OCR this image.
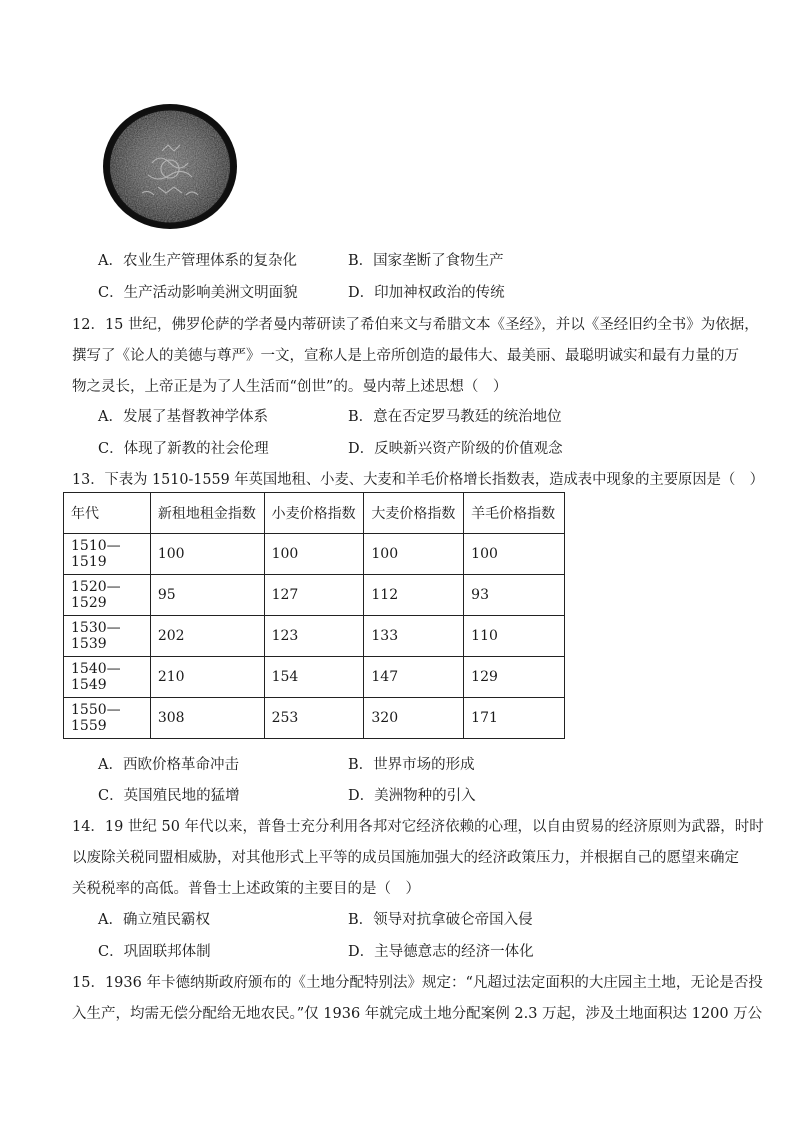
A．农业生产管理体系的复杂化	B．国家垄断了食物生产
C．生产活动影响美洲文明面貌	D．印加神权政治的传统
12．15 世纪，佛罗伦萨的学者曼内蒂研读了希伯来文与希腊文本《圣经》，并以《圣经旧约全书》为依据，
撰写了《论人的美德与尊严》一文，宣称人是上帝所创造的最伟大、最美丽、最聪明诚实和最有力量的万
物之灵长，上帝正是为了人生活而“创世”的。曼内蒂上述思想（　）
A．发展了基督教神学体系	B．意在否定罗马教廷的统治地位
C．体现了新教的社会伦理	D．反映新兴资产阶级的价值观念
13．下表为 1510-1559 年英国地租、小麦、大麦和羊毛价格增长指数表，造成表中现象的主要原因是（　）
年代	新租地租金指数	小麦价格指数	大麦价格指数	羊毛价格指数
1510—1519	100	100	100	100
1520—1529	95	127	112	93
1530—1539	202	123	133	110
1540—1549	210	154	147	129
1550—1559	308	253	320	171
A．西欧价格革命冲击	B．世界市场的形成
C．英国殖民地的猛增	D．美洲物种的引入
14．19 世纪 50 年代以来，普鲁士充分利用各邦对它经济依赖的心理，以自由贸易的经济原则为武器，时时
以废除关税同盟相威胁，对其他形式上平等的成员国施加强大的经济政策压力，并根据自己的愿望来确定
关税税率的高低。普鲁士上述政策的主要目的是（　）
A．确立殖民霸权	B．领导对抗拿破仑帝国入侵
C．巩固联邦体制	D．主导德意志的经济一体化
15．1936 年卡德纳斯政府颁布的《土地分配特别法》规定：“凡超过法定面积的大庄园主土地，无论是否投
入生产，均需无偿分配给无地农民。”仅 1936 年就完成土地分配案例 2.3 万起，涉及土地面积达 1200 万公
